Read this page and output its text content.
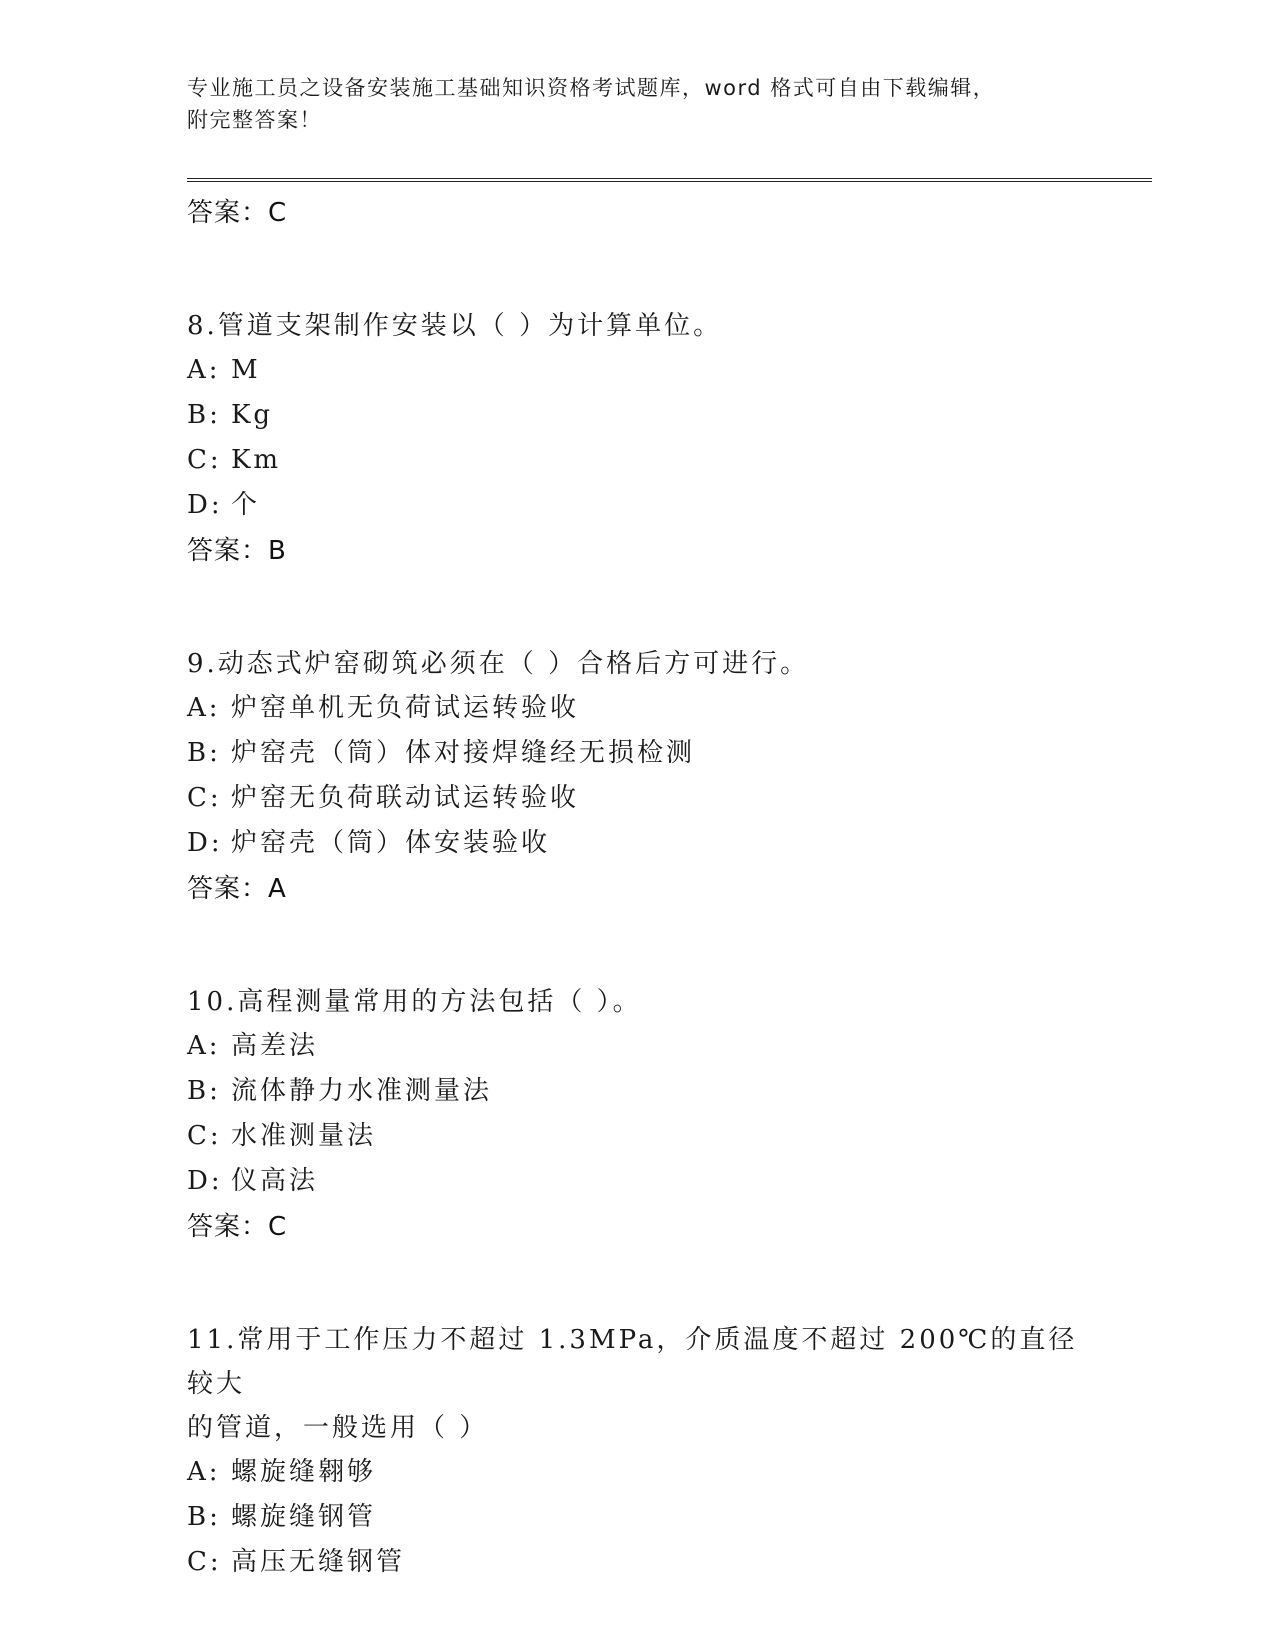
专业施工员之设备安装施工基础知识资格考试题库，word 格式可自由下载编辑，
附完整答案！
答案：C
8.管道支架制作安装以（ ）为计算单位。
A: M
B: Kg
C: Km
D: 个
答案：B
9.动态式炉窑砌筑必须在（ ）合格后方可进行。
A: 炉窑单机无负荷试运转验收
B: 炉窑壳（筒）体对接焊缝经无损检测
C: 炉窑无负荷联动试运转验收
D: 炉窑壳（筒）体安装验收
答案：A
10.高程测量常用的方法包括（ ）。
A: 高差法
B: 流体静力水准测量法
C: 水准测量法
D: 仪高法
答案：C
11.常用于工作压力不超过 1.3MPa，介质温度不超过 200℃的直径较大
的管道，一般选用（ ）
A: 螺旋缝翱够
B: 螺旋缝钢管
C: 高压无缝钢管
